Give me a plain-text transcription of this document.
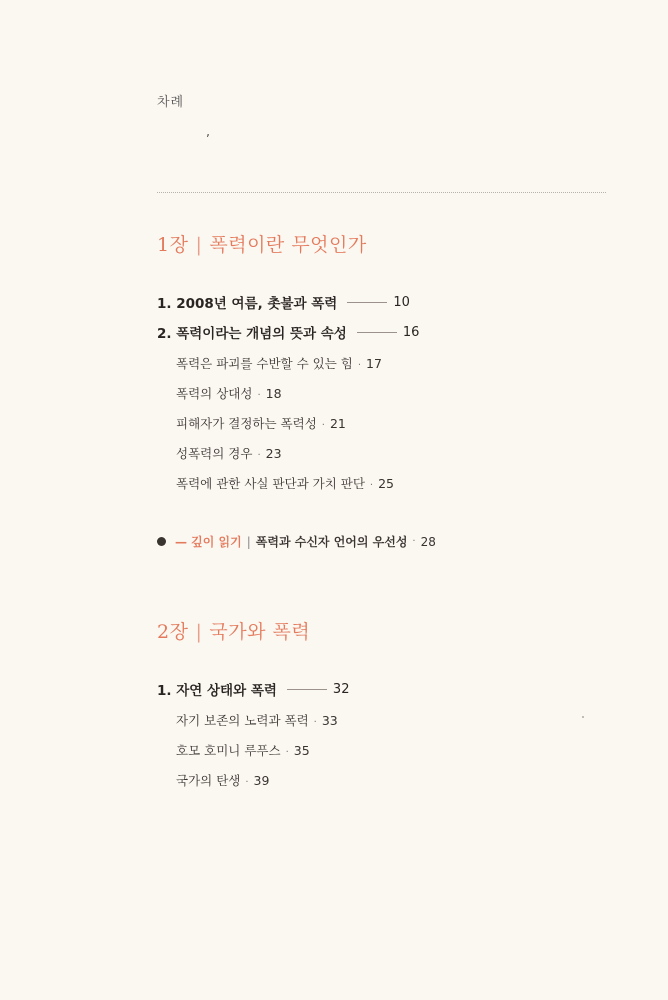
차례
ʼ
1장 | 폭력이란 무엇인가
1. 2008년 여름, 촛불과 폭력	10
2. 폭력이라는 개념의 뜻과 속성	16
폭력은 파괴를 수반할 수 있는 힘 · 17
폭력의 상대성 · 18
피해자가 결정하는 폭력성 · 21
성폭력의 경우 · 23
폭력에 관한 사실 판단과 가치 판단 · 25
— 깊이 읽기 | 폭력과 수신자 언어의 우선성 · 28
2장 | 국가와 폭력
1. 자연 상태와 폭력	32
자기 보존의 노력과 폭력 · 33
호모 호미니 루푸스 · 35
국가의 탄생 · 39
